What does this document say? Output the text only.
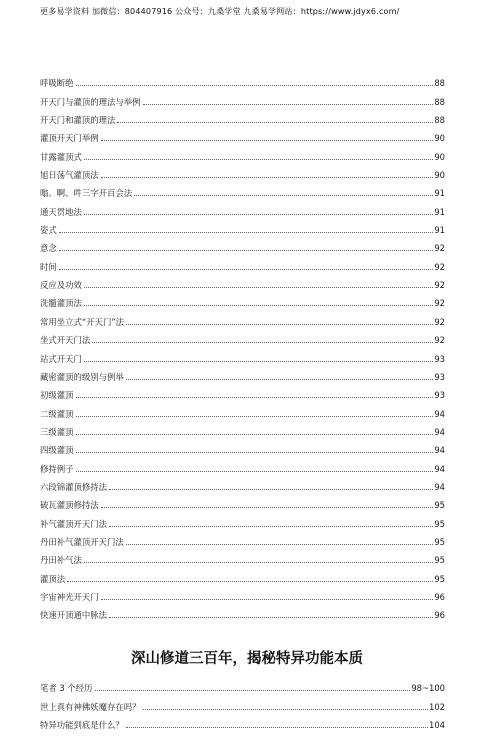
更多易学资料 加微信：804407916 公众号：九桑学堂 九桑易学网站：https://www.jdyx6.com/
呼吸断绝	88
开天门与灌顶的理法与举例	88
开天门和灌顶的理法	88
灌顶开天门举例	90
甘露灌顶式	90
旭日荡气灌顶法	90
嗡、啊、吽三字开百会法	91
通天贯地法	91
姿式	91
意念	92
时间	92
反应及功效	92
洗髓灌顶法	92
常用坐立式“开天门”法	92
坐式开天门法	92
站式开天门	93
藏密灌顶的级别与例举	93
初级灌顶	93
二级灌顶	94
三级灌顶	94
四级灌顶	94
修持例子	94
六段锦灌顶修持法	94
破瓦灌顶修持法	95
补气灌顶开天门法	95
丹田补气灌顶开天门法	95
丹田补气法	95
灌顶法	95
宇宙神光开天门	96
快速开顶通中脉法	96
深山修道三百年，揭秘特异功能本质
笔者 3 个经历	98~100
世上真有神佛妖魔存在吗？	102
特异功能到底是什么？	104
